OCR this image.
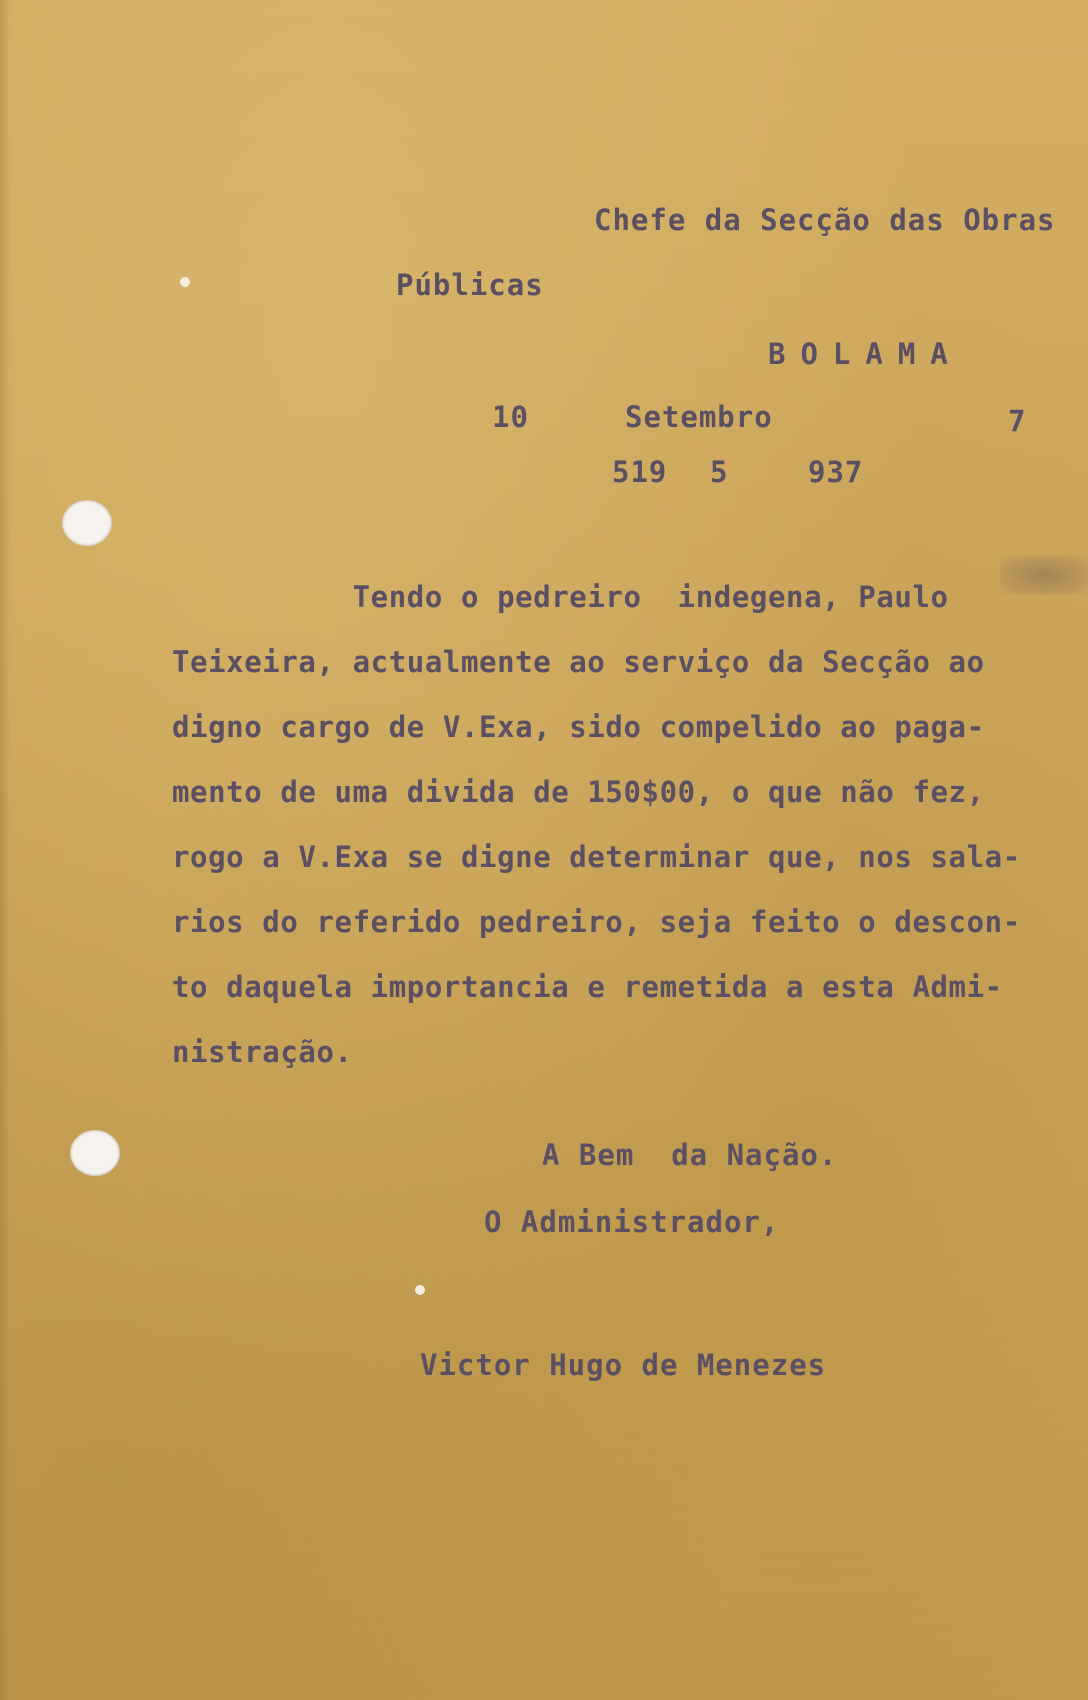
Chefe da Secção das Obras
Públicas
BOLAMA
10	Setembro	7
519 5	937
Tendo o pedreiro  indegena, Paulo
Teixeira, actualmente ao serviço da Secção ao
digno cargo de V.Exa, sido compelido ao paga-
mento de uma divida de 150$00, o que não fez,
rogo a V.Exa se digne determinar que, nos sala-
rios do referido pedreiro, seja feito o descon-
to daquela importancia e remetida a esta Admi-
nistração.
A Bem  da Nação.
O Administrador,
Victor Hugo de Menezes
